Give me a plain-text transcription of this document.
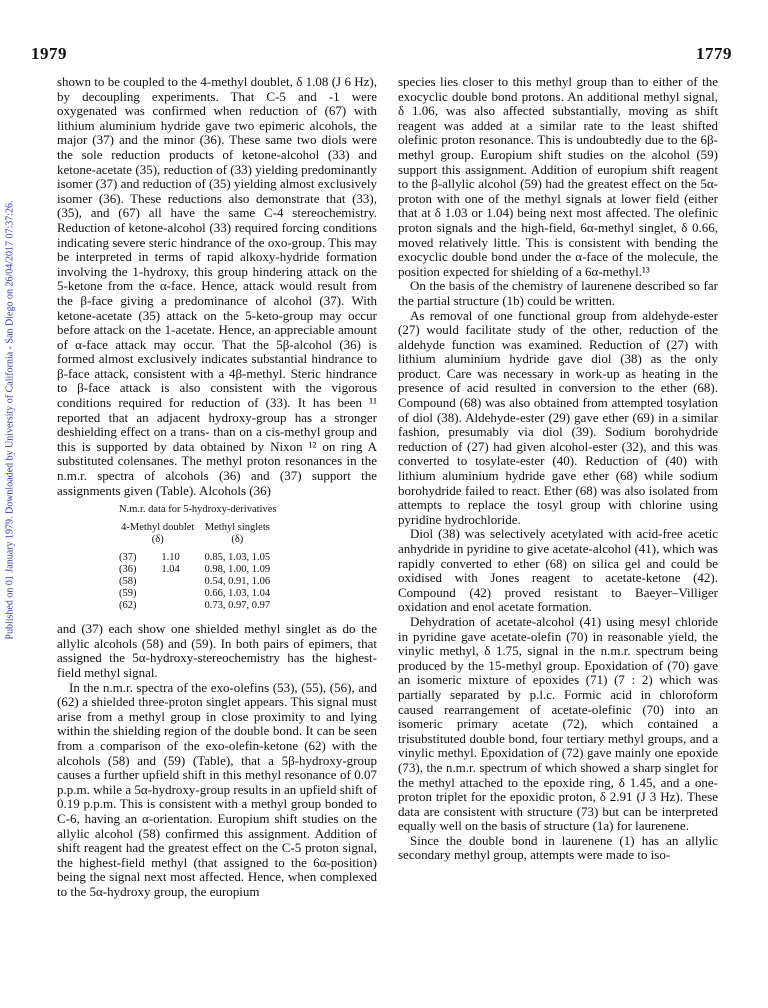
1979	1779
Published on 01 January 1979. Downloaded by University of California - San Diego on 26/04/2017 07:37:26.

shown to be coupled to the 4-methyl doublet, δ 1.08 (J 6 Hz), by decoupling experiments. That C-5 and -1 were oxygenated was confirmed when reduction of (67) with lithium aluminium hydride gave two epimeric alcohols, the major (37) and the minor (36). These same two diols were the sole reduction products of ketone-alcohol (33) and ketone-acetate (35), reduction of (33) yielding predominantly isomer (37) and reduction of (35) yielding almost exclusively isomer (36). These reductions also demonstrate that (33), (35), and (67) all have the same C-4 stereochemistry. Reduction of ketone-alcohol (33) required forcing conditions indicating severe steric hindrance of the oxo-group. This may be interpreted in terms of rapid alkoxy-hydride formation involving the 1-hydroxy, this group hindering attack on the 5-ketone from the α-face. Hence, attack would result from the β-face giving a predominance of alcohol (37). With ketone-acetate (35) attack on the 5-keto-group may occur before attack on the 1-acetate. Hence, an appreciable amount of α-face attack may occur. That the 5β-alcohol (36) is formed almost exclusively indicates substantial hindrance to β-face attack, consistent with a 4β-methyl. Steric hindrance to β-face attack is also consistent with the vigorous conditions required for reduction of (33). It has been ¹¹ reported that an adjacent hydroxy-group has a stronger deshielding effect on a trans- than on a cis-methyl group and this is supported by data obtained by Nixon ¹² on ring A substituted colensanes. The methyl proton resonances in the n.m.r. spectra of alcohols (36) and (37) support the assignments given (Table). Alcohols (36)

N.m.r. data for 5-hydroxy-derivatives
4-Methyl doublet		Methyl singlets
(δ)		(δ)

(37)	1.10	0.85, 1.03, 1.05
(36)	1.04	0.98, 1.00, 1.09
(58)		0.54, 0.91, 1.06
(59)		0.66, 1.03, 1.04
(62)		0.73, 0.97, 0.97

and (37) each show one shielded methyl singlet as do the allylic alcohols (58) and (59). In both pairs of epimers, that assigned the 5α-hydroxy-stereochemistry has the highest-field methyl signal.

In the n.m.r. spectra of the exo-olefins (53), (55), (56), and (62) a shielded three-proton singlet appears. This signal must arise from a methyl group in close proximity to and lying within the shielding region of the double bond. It can be seen from a comparison of the exo-olefin-ketone (62) with the alcohols (58) and (59) (Table), that a 5β-hydroxy-group causes a further upfield shift in this methyl resonance of 0.07 p.p.m. while a 5α-hydroxy-group results in an upfield shift of 0.19 p.p.m. This is consistent with a methyl group bonded to C-6, having an α-orientation. Europium shift studies on the allylic alcohol (58) confirmed this assignment. Addition of shift reagent had the greatest effect on the C-5 proton signal, the highest-field methyl (that assigned to the 6α-position) being the signal next most affected. Hence, when complexed to the 5α-hydroxy group, the europium

species lies closer to this methyl group than to either of the exocyclic double bond protons. An additional methyl signal, δ 1.06, was also affected substantially, moving as shift reagent was added at a similar rate to the least shifted olefinic proton resonance. This is undoubtedly due to the 6β-methyl group. Europium shift studies on the alcohol (59) support this assignment. Addition of europium shift reagent to the β-allylic alcohol (59) had the greatest effect on the 5α-proton with one of the methyl signals at lower field (either that at δ 1.03 or 1.04) being next most affected. The olefinic proton signals and the high-field, 6α-methyl singlet, δ 0.66, moved relatively little. This is consistent with bending the exocyclic double bond under the α-face of the molecule, the position expected for shielding of a 6α-methyl.¹³

On the basis of the chemistry of laurenene described so far the partial structure (1b) could be written.

As removal of one functional group from aldehyde-ester (27) would facilitate study of the other, reduction of the aldehyde function was examined. Reduction of (27) with lithium aluminium hydride gave diol (38) as the only product. Care was necessary in work-up as heating in the presence of acid resulted in conversion to the ether (68). Compound (68) was also obtained from attempted tosylation of diol (38). Aldehyde-ester (29) gave ether (69) in a similar fashion, presumably via diol (39). Sodium borohydride reduction of (27) had given alcohol-ester (32), and this was converted to tosylate-ester (40). Reduction of (40) with lithium aluminium hydride gave ether (68) while sodium borohydride failed to react. Ether (68) was also isolated from attempts to replace the tosyl group with chlorine using pyridine hydrochloride.

Diol (38) was selectively acetylated with acid-free acetic anhydride in pyridine to give acetate-alcohol (41), which was rapidly converted to ether (68) on silica gel and could be oxidised with Jones reagent to acetate-ketone (42). Compound (42) proved resistant to Baeyer–Villiger oxidation and enol acetate formation.

Dehydration of acetate-alcohol (41) using mesyl chloride in pyridine gave acetate-olefin (70) in reasonable yield, the vinylic methyl, δ 1.75, signal in the n.m.r. spectrum being produced by the 15-methyl group. Epoxidation of (70) gave an isomeric mixture of epoxides (71) (7 : 2) which was partially separated by p.l.c. Formic acid in chloroform caused rearrangement of acetate-olefinic (70) into an isomeric primary acetate (72), which contained a trisubstituted double bond, four tertiary methyl groups, and a vinylic methyl. Epoxidation of (72) gave mainly one epoxide (73), the n.m.r. spectrum of which showed a sharp singlet for the methyl attached to the epoxide ring, δ 1.45, and a one-proton triplet for the epoxidic proton, δ 2.91 (J 3 Hz). These data are consistent with structure (73) but can be interpreted equally well on the basis of structure (1a) for laurenene.

Since the double bond in laurenene (1) has an allylic secondary methyl group, attempts were made to iso-
